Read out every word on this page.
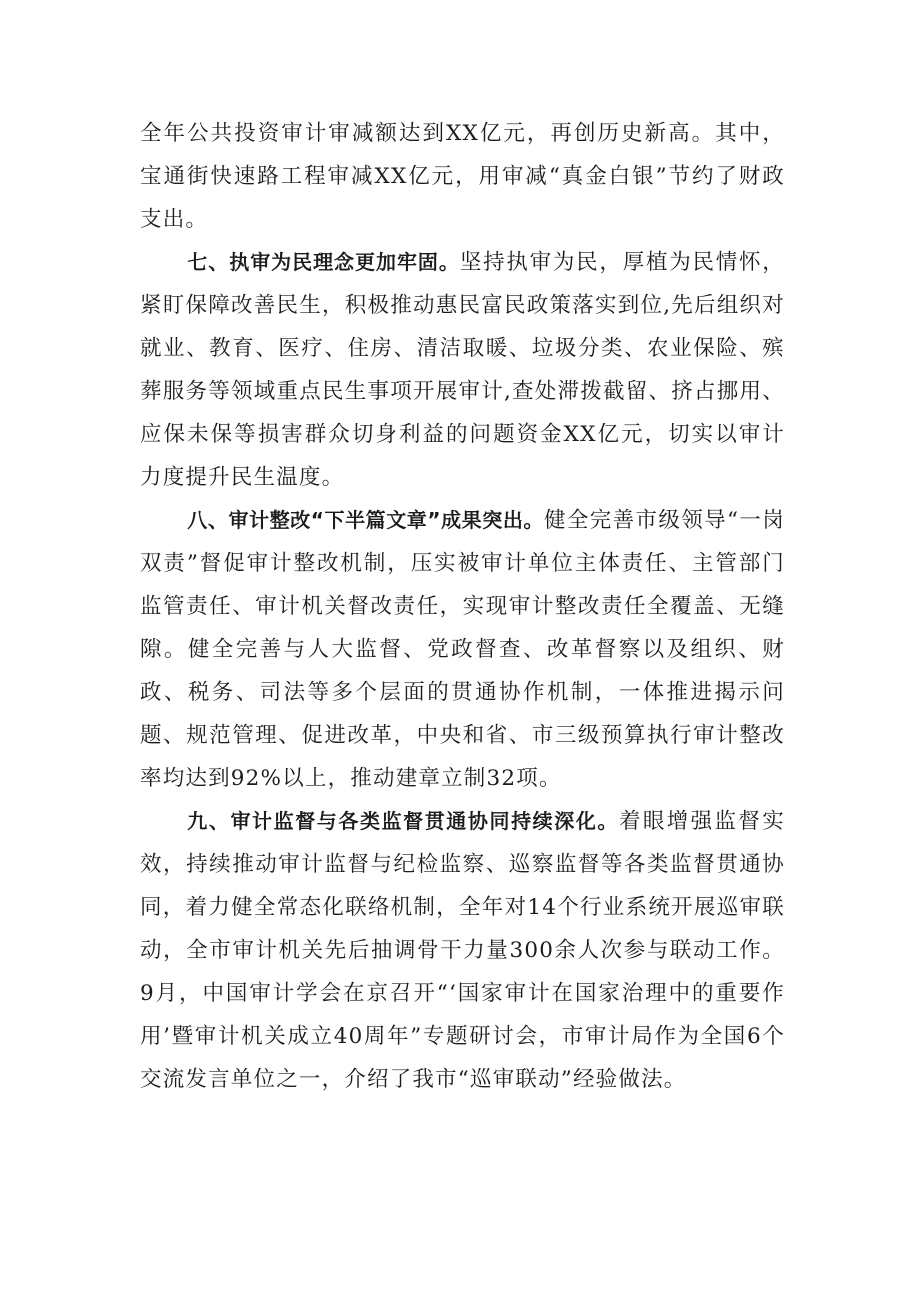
全年公共投资审计审减额达到XX亿元，再创历史新高。其中，宝通街快速路工程审减XX亿元，用审减“真金白银”节约了财政支出。

七、执审为民理念更加牢固。坚持执审为民，厚植为民情怀，紧盯保障改善民生，积极推动惠民富民政策落实到位,先后组织对就业、教育、医疗、住房、清洁取暖、垃圾分类、农业保险、殡葬服务等领域重点民生事项开展审计,查处滞拨截留、挤占挪用、应保未保等损害群众切身利益的问题资金XX亿元，切实以审计力度提升民生温度。

八、审计整改“下半篇文章”成果突出。健全完善市级领导“一岗双责”督促审计整改机制，压实被审计单位主体责任、主管部门监管责任、审计机关督改责任，实现审计整改责任全覆盖、无缝隙。健全完善与人大监督、党政督查、改革督察以及组织、财政、税务、司法等多个层面的贯通协作机制，一体推进揭示问题、规范管理、促进改革，中央和省、市三级预算执行审计整改率均达到92%以上，推动建章立制32项。

九、审计监督与各类监督贯通协同持续深化。着眼增强监督实效，持续推动审计监督与纪检监察、巡察监督等各类监督贯通协同，着力健全常态化联络机制，全年对14个行业系统开展巡审联动，全市审计机关先后抽调骨干力量300余人次参与联动工作。9月，中国审计学会在京召开“‘国家审计在国家治理中的重要作用’暨审计机关成立40周年”专题研讨会，市审计局作为全国6个交流发言单位之一，介绍了我市“巡审联动”经验做法。
